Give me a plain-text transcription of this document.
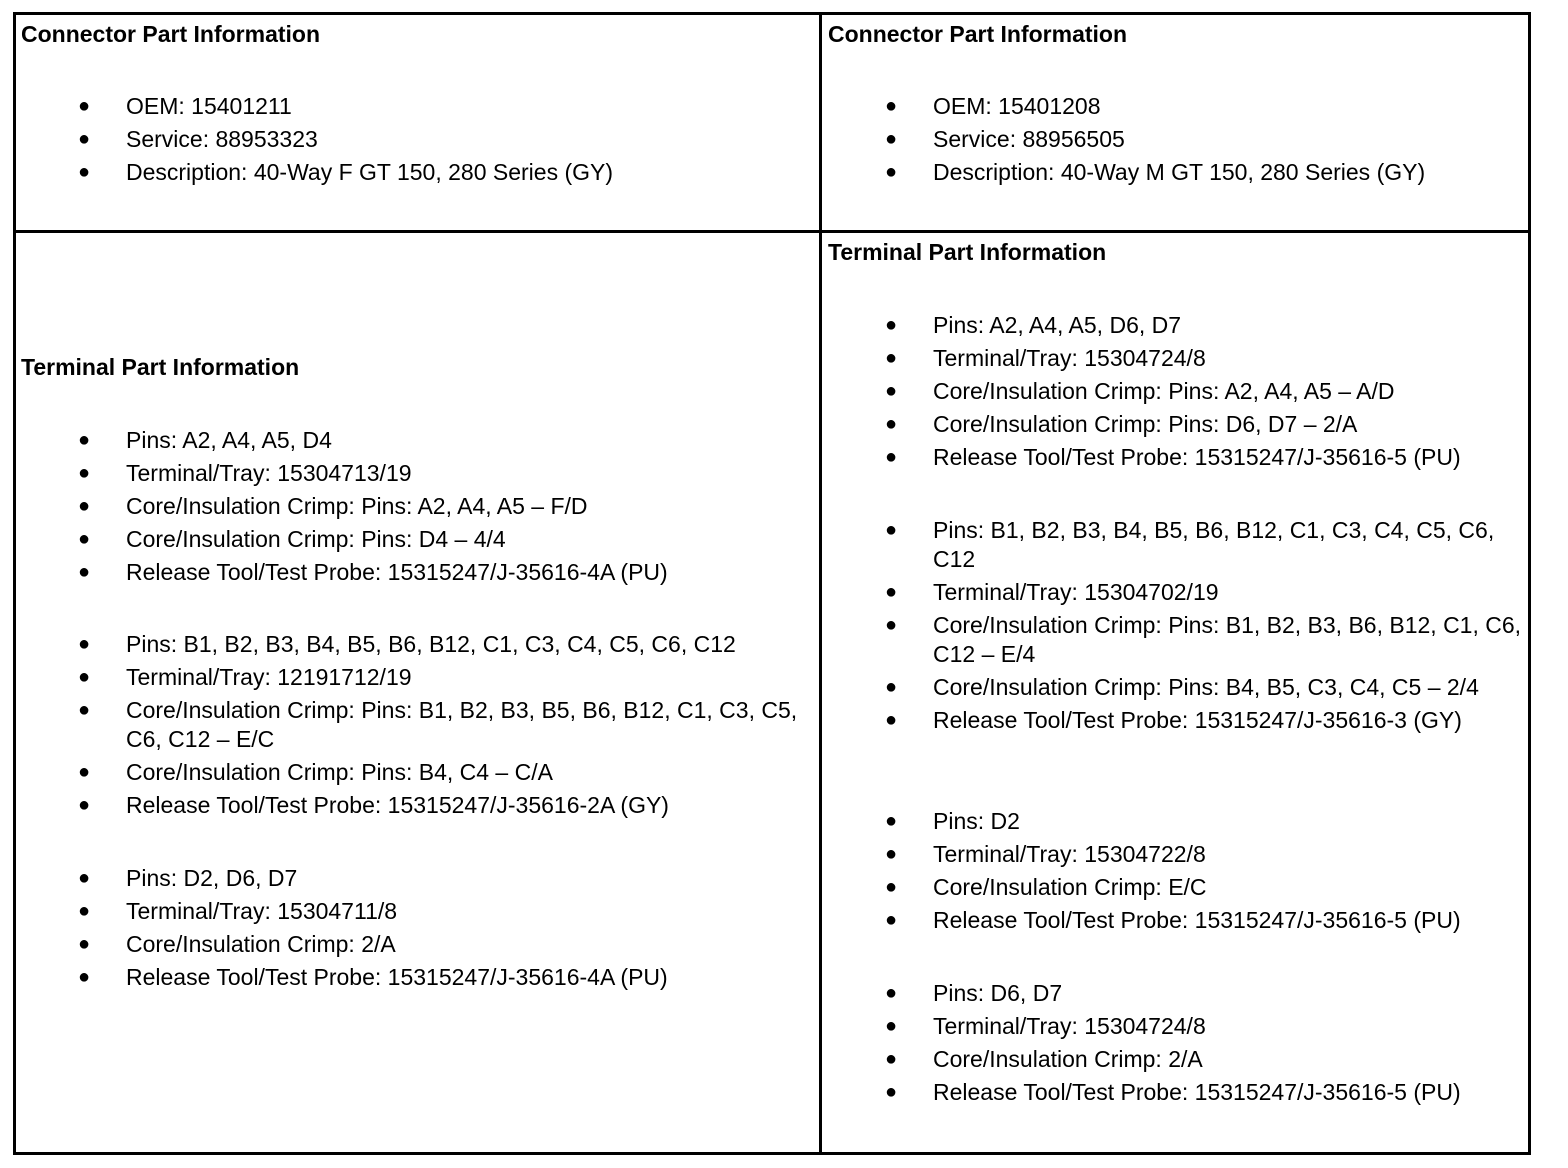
Connector Part Information
● OEM: 15401211
● Service: 88953323
● Description: 40-Way F GT 150, 280 Series (GY)
Connector Part Information
● OEM: 15401208
● Service: 88956505
● Description: 40-Way M GT 150, 280 Series (GY)
Terminal Part Information
● Pins: A2, A4, A5, D4
● Terminal/Tray: 15304713/19
● Core/Insulation Crimp: Pins: A2, A4, A5 – F/D
● Core/Insulation Crimp: Pins: D4 – 4/4
● Release Tool/Test Probe: 15315247/J-35616-4A (PU)
● Pins: B1, B2, B3, B4, B5, B6, B12, C1, C3, C4, C5, C6, C12
● Terminal/Tray: 12191712/19
● Core/Insulation Crimp: Pins: B1, B2, B3, B5, B6, B12, C1, C3, C5, C6, C12 – E/C
● Core/Insulation Crimp: Pins: B4, C4 – C/A
● Release Tool/Test Probe: 15315247/J-35616-2A (GY)
● Pins: D2, D6, D7
● Terminal/Tray: 15304711/8
● Core/Insulation Crimp: 2/A
● Release Tool/Test Probe: 15315247/J-35616-4A (PU)
Terminal Part Information
● Pins: A2, A4, A5, D6, D7
● Terminal/Tray: 15304724/8
● Core/Insulation Crimp: Pins: A2, A4, A5 – A/D
● Core/Insulation Crimp: Pins: D6, D7 – 2/A
● Release Tool/Test Probe: 15315247/J-35616-5 (PU)
● Pins: B1, B2, B3, B4, B5, B6, B12, C1, C3, C4, C5, C6, C12
● Terminal/Tray: 15304702/19
● Core/Insulation Crimp: Pins: B1, B2, B3, B6, B12, C1, C6, C12 – E/4
● Core/Insulation Crimp: Pins: B4, B5, C3, C4, C5 – 2/4
● Release Tool/Test Probe: 15315247/J-35616-3 (GY)
● Pins: D2
● Terminal/Tray: 15304722/8
● Core/Insulation Crimp: E/C
● Release Tool/Test Probe: 15315247/J-35616-5 (PU)
● Pins: D6, D7
● Terminal/Tray: 15304724/8
● Core/Insulation Crimp: 2/A
● Release Tool/Test Probe: 15315247/J-35616-5 (PU)
